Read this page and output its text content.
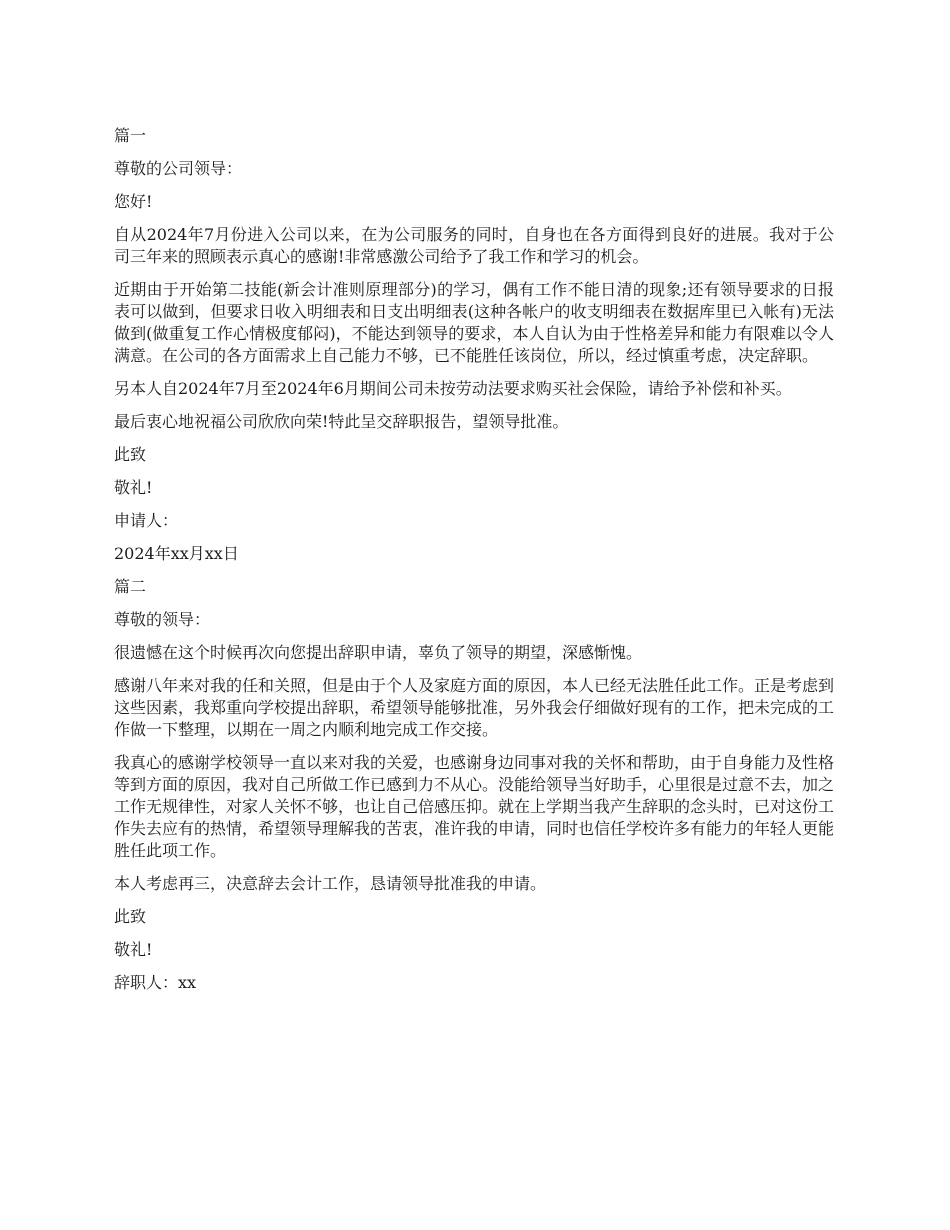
篇一

尊敬的公司领导：

您好!

自从2024年7月份进入公司以来，在为公司服务的同时，自身也在各方面得到良好的进展。我对于公司三年来的照顾表示真心的感谢!非常感激公司给予了我工作和学习的机会。

近期由于开始第二技能(新会计准则原理部分)的学习，偶有工作不能日清的现象;还有领导要求的日报表可以做到，但要求日收入明细表和日支出明细表(这种各帐户的收支明细表在数据库里已入帐有)无法做到(做重复工作心情极度郁闷)，不能达到领导的要求，本人自认为由于性格差异和能力有限难以令人满意。在公司的各方面需求上自己能力不够，已不能胜任该岗位，所以，经过慎重考虑，决定辞职。

另本人自2024年7月至2024年6月期间公司未按劳动法要求购买社会保险，请给予补偿和补买。

最后衷心地祝福公司欣欣向荣!特此呈交辞职报告，望领导批准。

此致

敬礼!

申请人：

2024年xx月xx日

篇二

尊敬的领导：

很遗憾在这个时候再次向您提出辞职申请，辜负了领导的期望，深感惭愧。

感谢八年来对我的任和关照，但是由于个人及家庭方面的原因，本人已经无法胜任此工作。正是考虑到这些因素，我郑重向学校提出辞职，希望领导能够批准，另外我会仔细做好现有的工作，把未完成的工作做一下整理，以期在一周之内顺利地完成工作交接。

我真心的感谢学校领导一直以来对我的关爱，也感谢身边同事对我的关怀和帮助，由于自身能力及性格等到方面的原因，我对自己所做工作已感到力不从心。没能给领导当好助手，心里很是过意不去，加之工作无规律性，对家人关怀不够，也让自己倍感压抑。就在上学期当我产生辞职的念头时，已对这份工作失去应有的热情，希望领导理解我的苦衷，准许我的申请，同时也信任学校许多有能力的年轻人更能胜任此项工作。

本人考虑再三，决意辞去会计工作，恳请领导批准我的申请。

此致

敬礼!

辞职人：xx
